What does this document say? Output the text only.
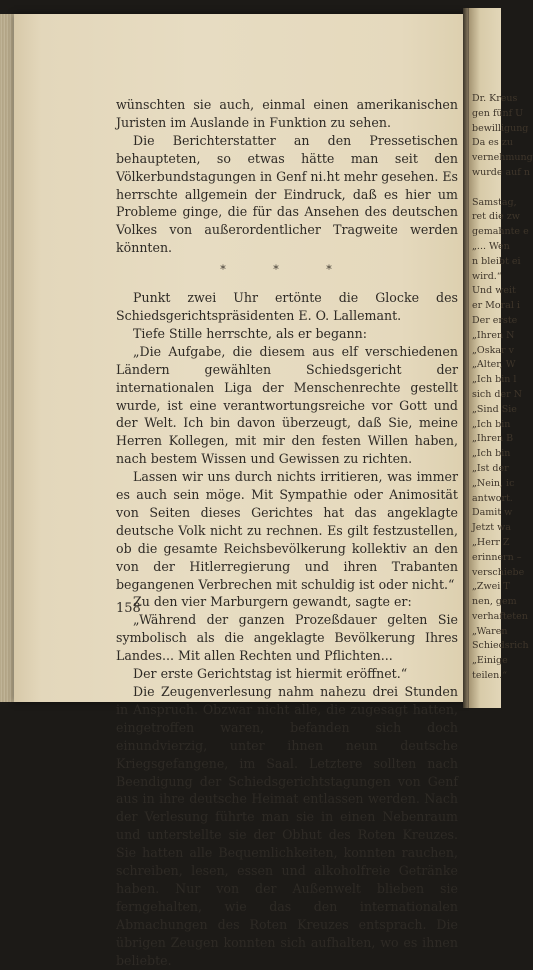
Dr. Kreus
gen fünf U
bewilligung
Da es zu
vernehmung
wurde auf n

Samstag,
ret die zw
gemahnte e
„... Wen
n bleibt ei
wird.“
Und weit
er Moral i
Der erste
„Ihren N
„Oskar v
„Alter, W
„Ich bin l
sich der N
„Sind Sie
„Ich bin
„Ihren B
„Ich bin
„Ist der
„Nein, ic
antwort.
Damit w
Jetzt wa
„Herr Z
erinnern –
verschiebe
„Zwei T
nen, gem
verhafteten
„Waren
Schiedsrich
„Einige
teilen.“

wünschten sie auch, einmal einen amerikanischen Juristen im Auslande in Funktion zu sehen.

Die Berichterstatter an den Pressetischen behaupteten, so etwas hätte man seit den Völkerbundstagungen in Genf ni.ht mehr gesehen. Es herrschte allgemein der Eindruck, daß es hier um Probleme ginge, die für das Ansehen des deutschen Volkes von außerordentlicher Tragweite werden könnten.

* * *

Punkt zwei Uhr ertönte die Glocke des Schiedsgerichtspräsidenten E. O. Lallemant.

Tiefe Stille herrschte, als er begann:

„Die Aufgabe, die diesem aus elf verschiedenen Ländern gewählten Schiedsgericht der internationalen Liga der Menschenrechte gestellt wurde, ist eine verantwortungsreiche vor Gott und der Welt. Ich bin davon überzeugt, daß Sie, meine Herren Kollegen, mit mir den festen Willen haben, nach bestem Wissen und Gewissen zu richten.

Lassen wir uns durch nichts irritieren, was immer es auch sein möge. Mit Sympathie oder Animosität von Seiten dieses Gerichtes hat das angeklagte deutsche Volk nicht zu rechnen. Es gilt festzustellen, ob die gesamte Reichsbevölkerung kollektiv an den von der Hitlerregierung und ihren Trabanten begangenen Verbrechen mit schuldig ist oder nicht.“

Zu den vier Marburgern gewandt, sagte er:

„Während der ganzen Prozeßdauer gelten Sie symbolisch als die angeklagte Bevölkerung Ihres Landes... Mit allen Rechten und Pflichten...

Der erste Gerichtstag ist hiermit eröffnet.“

Die Zeugenverlesung nahm nahezu drei Stunden in Anspruch. Obzwar nicht alle, die zugesagt hatten, eingetroffen waren, befanden sich doch einundvierzig, unter ihnen neun deutsche Kriegsgefangene, im Saal. Letztere sollten nach Beendigung der Schiedsgerichtstagungen von Genf aus in ihre deutsche Heimat entlassen werden. Nach der Verlesung führte man sie in einen Nebenraum und unterstellte sie der Obhut des Roten Kreuzes. Sie hatten alle Bequemlichkeiten, konnten rauchen, schreiben, lesen, essen und alkoholfreie Getränke haben. Nur von der Außenwelt blieben sie ferngehalten, wie das den internationalen Abmachungen des Roten Kreuzes entsprach. Die übrigen Zeugen konnten sich aufhalten, wo es ihnen beliebte.

158
